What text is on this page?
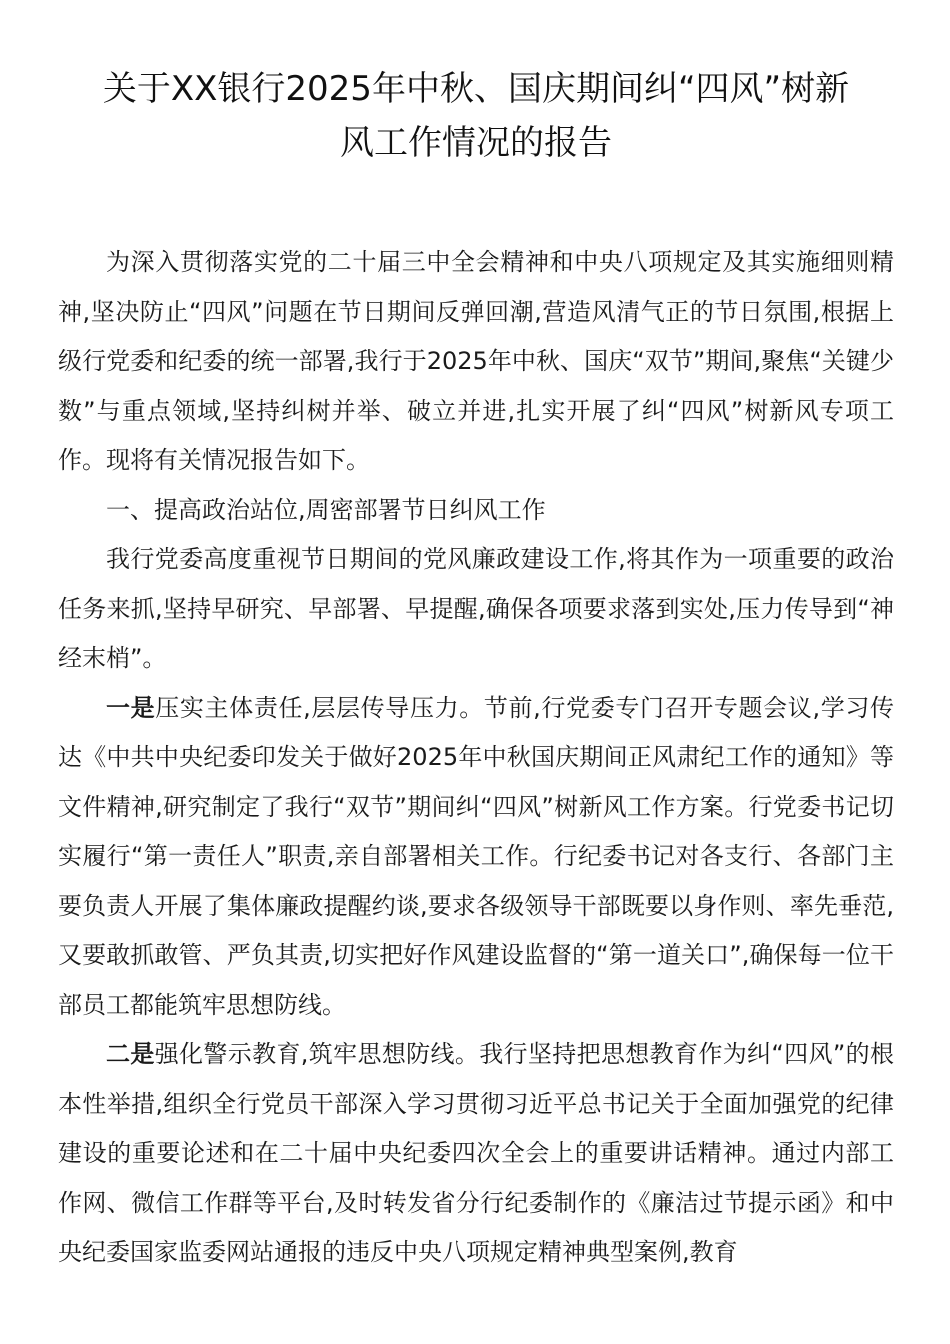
关于XX银行2025年中秋、国庆期间纠“四风”树新
风工作情况的报告

为深入贯彻落实党的二十届三中全会精神和中央八项规定及其实施细则精神,坚决防止“四风”问题在节日期间反弹回潮,营造风清气正的节日氛围,根据上级行党委和纪委的统一部署,我行于2025年中秋、国庆“双节”期间,聚焦“关键少数”与重点领域,坚持纠树并举、破立并进,扎实开展了纠“四风”树新风专项工作。现将有关情况报告如下。

一、提高政治站位,周密部署节日纠风工作

我行党委高度重视节日期间的党风廉政建设工作,将其作为一项重要的政治任务来抓,坚持早研究、早部署、早提醒,确保各项要求落到实处,压力传导到“神经末梢”。

一是压实主体责任,层层传导压力。节前,行党委专门召开专题会议,学习传达《中共中央纪委印发关于做好2025年中秋国庆期间正风肃纪工作的通知》等文件精神,研究制定了我行“双节”期间纠“四风”树新风工作方案。行党委书记切实履行“第一责任人”职责,亲自部署相关工作。行纪委书记对各支行、各部门主要负责人开展了集体廉政提醒约谈,要求各级领导干部既要以身作则、率先垂范,又要敢抓敢管、严负其责,切实把好作风建设监督的“第一道关口”,确保每一位干部员工都能筑牢思想防线。

二是强化警示教育,筑牢思想防线。我行坚持把思想教育作为纠“四风”的根本性举措,组织全行党员干部深入学习贯彻习近平总书记关于全面加强党的纪律建设的重要论述和在二十届中央纪委四次全会上的重要讲话精神。通过内部工作网、微信工作群等平台,及时转发省分行纪委制作的《廉洁过节提示函》和中央纪委国家监委网站通报的违反中央八项规定精神典型案例,教育
